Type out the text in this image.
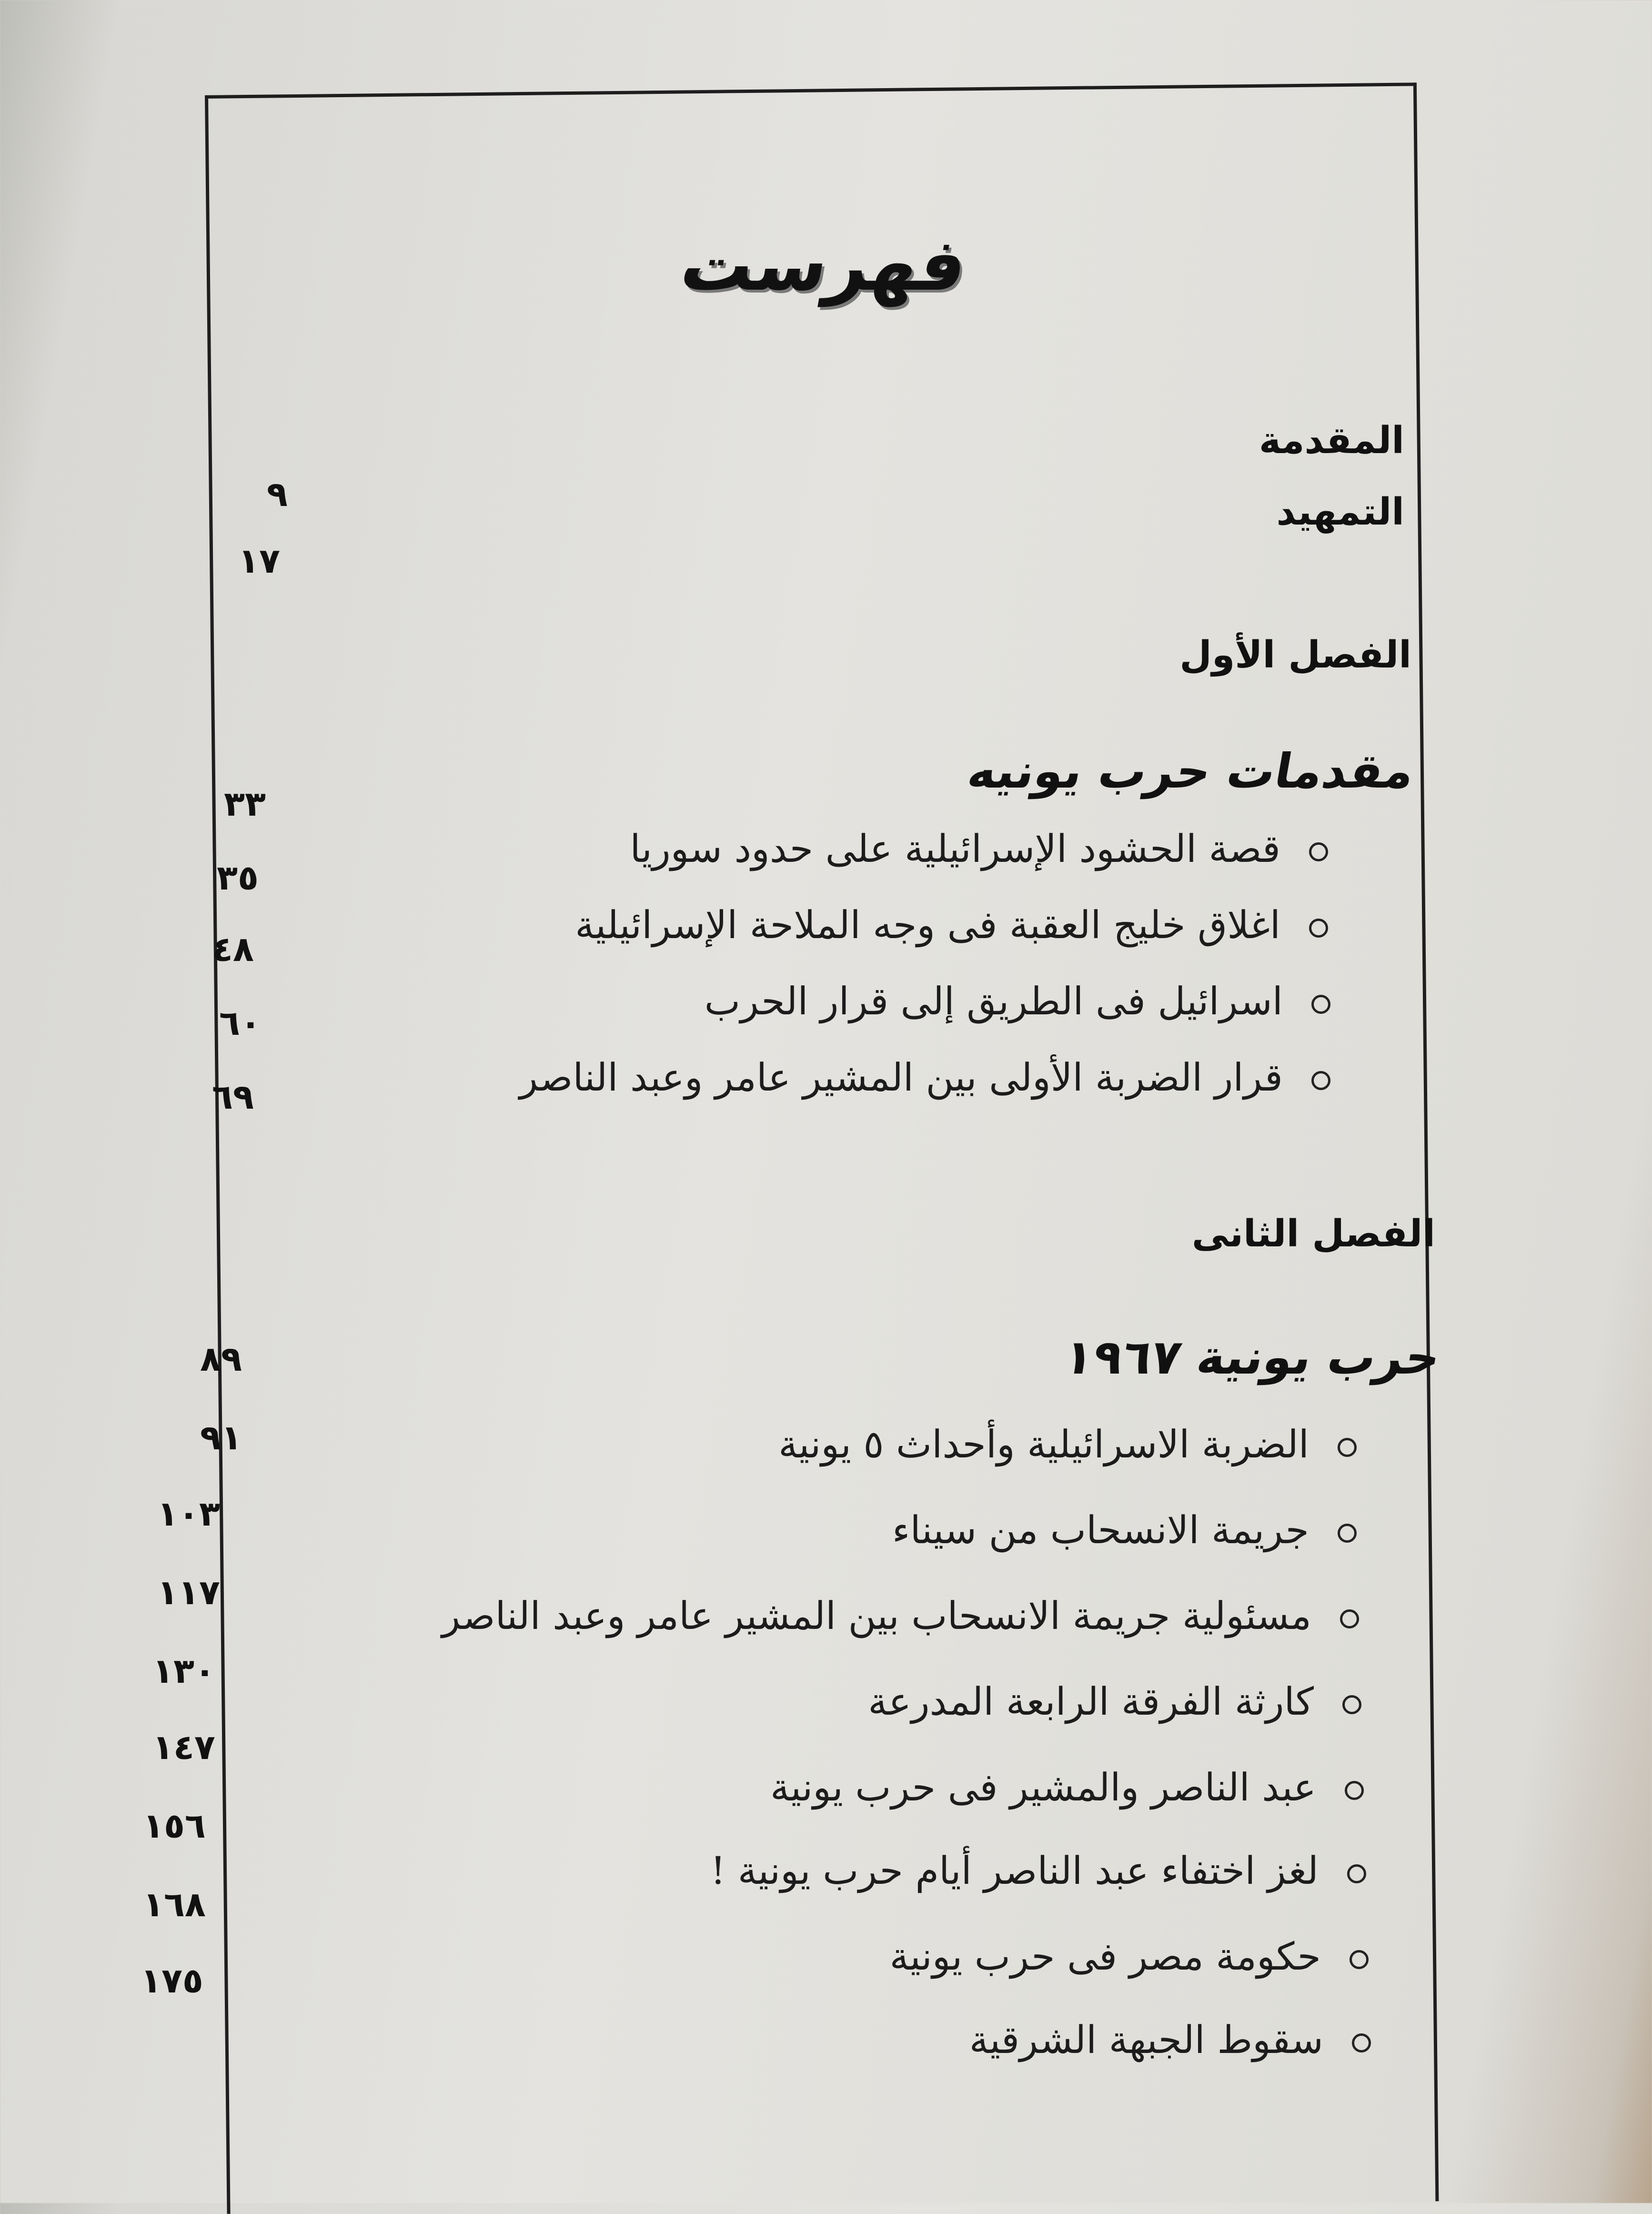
فهرست
المقدمة
التمهيد
الفصل الأول
مقدمات حرب يونيه
قصة الحشود الإسرائيلية على حدود سوريا
اغلاق خليج العقبة فى وجه الملاحة الإسرائيلية
اسرائيل فى الطريق إلى قرار الحرب
قرار الضربة الأولى بين المشير عامر وعبد الناصر
الفصل الثانى
حرب يونية ١٩٦٧
الضربة الاسرائيلية وأحداث ٥ يونية
جريمة الانسحاب من سيناء
مسئولية جريمة الانسحاب بين المشير عامر وعبد الناصر
كارثة الفرقة الرابعة المدرعة
عبد الناصر والمشير فى حرب يونية
لغز اختفاء عبد الناصر أيام حرب يونية !
حكومة مصر فى حرب يونية
سقوط الجبهة الشرقية
٩
١٧
٣٣
٣٥
٤٨
٦٠
٦٩
٨٩
٩١
١٠٣
١١٧
١٣٠
١٤٧
١٥٦
١٦٨
١٧٥
